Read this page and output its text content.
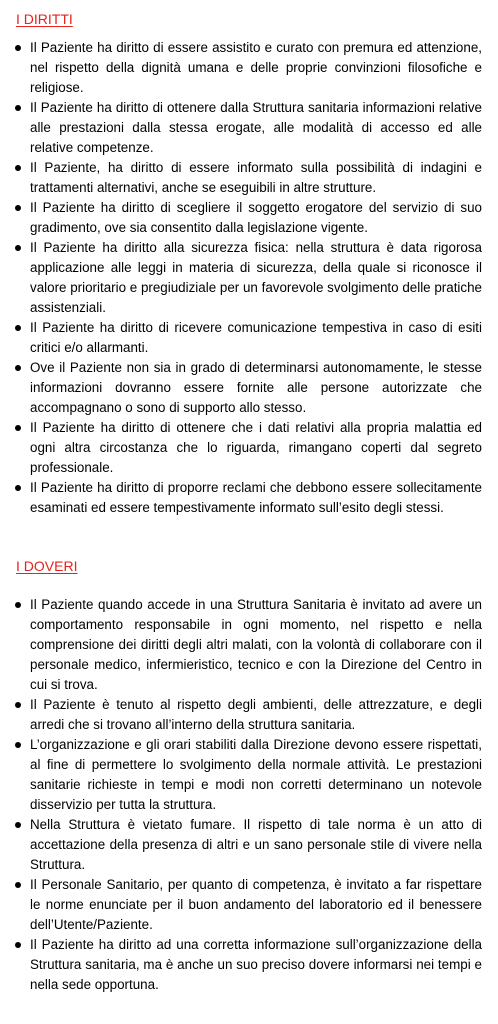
I DIRITTI
Il Paziente ha diritto di essere assistito e curato con premura ed attenzione, nel rispetto della dignità umana e delle proprie convinzioni filosofiche e religiose.
Il Paziente ha diritto di ottenere dalla Struttura sanitaria informazioni relative alle prestazioni dalla stessa erogate, alle modalità di accesso ed alle relative competenze.
Il Paziente, ha diritto di essere informato sulla possibilità di indagini e trattamenti alternativi, anche se eseguibili in altre strutture.
Il Paziente ha diritto di scegliere il soggetto erogatore del servizio di suo gradimento, ove sia consentito dalla legislazione vigente.
Il Paziente ha diritto alla sicurezza fisica: nella struttura è data rigorosa applicazione alle leggi in materia di sicurezza, della quale si riconosce il valore prioritario e pregiudiziale per un favorevole svolgimento delle pratiche assistenziali.
Il Paziente ha diritto di ricevere comunicazione tempestiva in caso di esiti critici e/o allarmanti.
Ove il Paziente non sia in grado di determinarsi autonomamente, le stesse informazioni dovranno essere fornite alle persone autorizzate che accompagnano o sono di supporto allo stesso.
Il Paziente ha diritto di ottenere che i dati relativi alla propria malattia ed ogni altra circostanza che lo riguarda, rimangano coperti dal segreto professionale.
Il Paziente ha diritto di proporre reclami che debbono essere sollecitamente esaminati ed essere tempestivamente informato sull’esito degli stessi.
I DOVERI
Il Paziente quando accede in una Struttura Sanitaria è invitato ad avere un comportamento responsabile in ogni momento, nel rispetto e nella comprensione dei diritti degli altri malati, con la volontà di collaborare con il personale medico, infermieristico, tecnico e con la Direzione del Centro in cui si trova.
Il Paziente è tenuto al rispetto degli ambienti, delle attrezzature, e degli arredi che si trovano all’interno della struttura sanitaria.
L’organizzazione e gli orari stabiliti dalla Direzione devono essere rispettati, al fine di permettere lo svolgimento della normale attività. Le prestazioni sanitarie richieste in tempi e modi non corretti determinano un notevole disservizio per tutta la struttura.
Nella Struttura è vietato fumare. Il rispetto di tale norma è un atto di accettazione della presenza di altri e un sano personale stile di vivere nella Struttura.
Il Personale Sanitario, per quanto di competenza, è invitato a far rispettare le norme enunciate per il buon andamento del laboratorio ed il benessere dell’Utente/Paziente.
Il Paziente ha diritto ad una corretta informazione sull’organizzazione della Struttura sanitaria, ma è anche un suo preciso dovere informarsi nei tempi e nella sede opportuna.
